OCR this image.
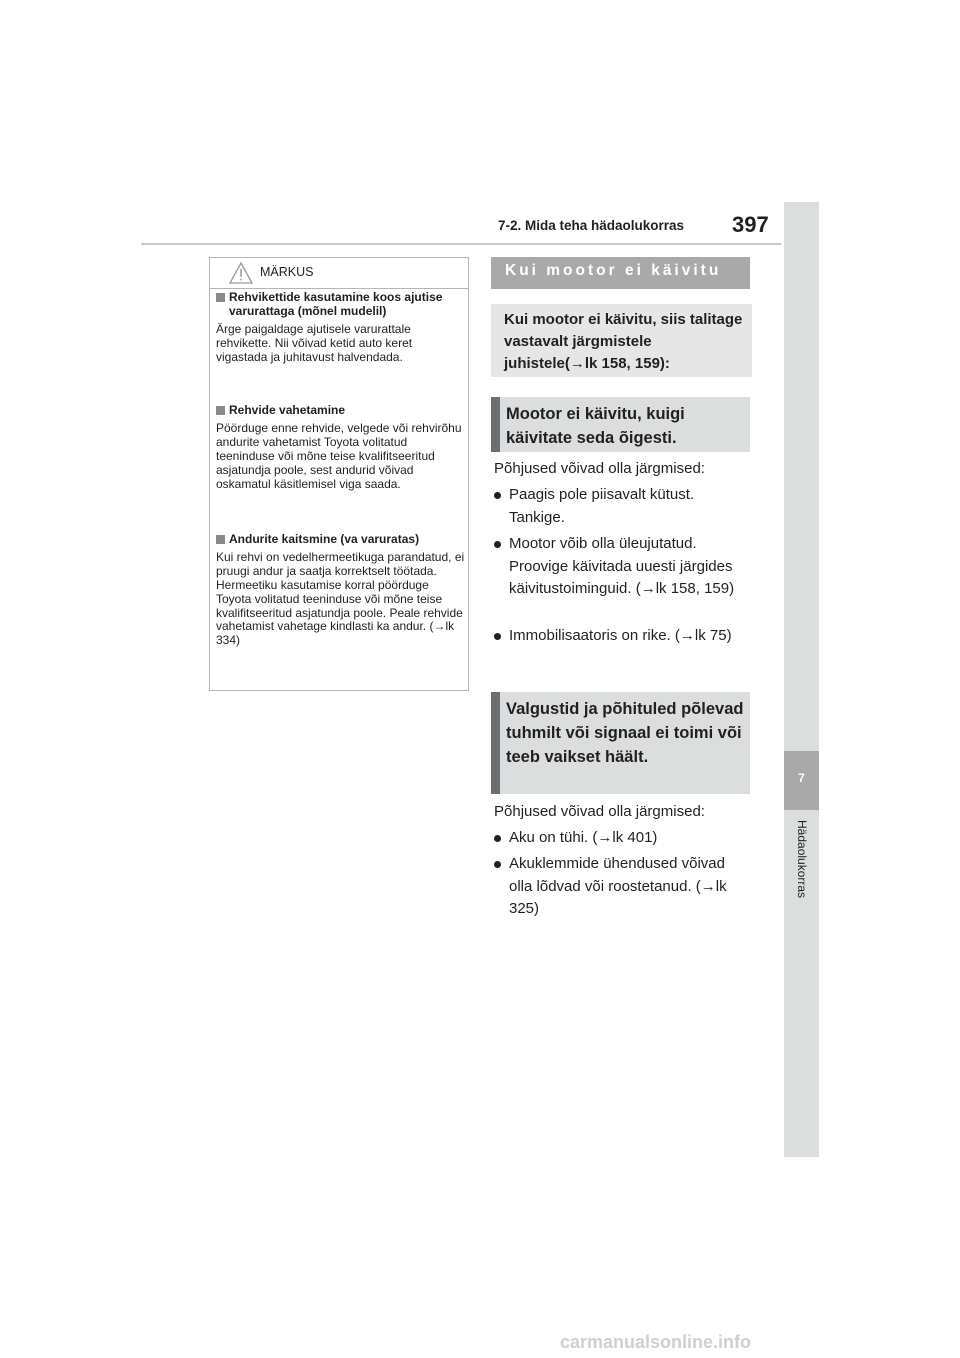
7-2. Mida teha hädaolukorras 397
7
Hädaolukorras
MÄRKUS
Rehvikettide kasutamine koos ajutise varurattaga (mõnel mudelil)
Ärge paigaldage ajutisele varurattale rehvikette. Nii võivad ketid auto keret vigastada ja juhitavust halvendada.
Rehvide vahetamine
Pöörduge enne rehvide, velgede või rehvirõhu andurite vahetamist Toyota volitatud teeninduse või mõne teise kvalifitseeritud asjatundja poole, sest andurid võivad oskamatul käsitlemisel viga saada.
Andurite kaitsmine (va varuratas)
Kui rehvi on vedelhermeetikuga parandatud, ei pruugi andur ja saatja korrektselt töötada. Hermeetiku kasutamise korral pöörduge Toyota volitatud teeninduse või mõne teise kvalifitseeritud asjatundja poole. Peale rehvide vahetamist vahetage kindlasti ka andur. (→lk 334)
Kui mootor ei käivitu
Kui mootor ei käivitu, siis talitage vastavalt järgmistele juhistele(→lk 158, 159):
Mootor ei käivitu, kuigi käivitate seda õigesti.
Põhjused võivad olla järgmised:
Paagis pole piisavalt kütust. Tankige.
Mootor võib olla üleujutatud. Proovige käivitada uuesti järgides käivitustoiminguid. (→lk 158, 159)
Immobilisaatoris on rike. (→lk 75)
Valgustid ja põhituled põlevad tuhmilt või signaal ei toimi või teeb vaikset häält.
Põhjused võivad olla järgmised:
Aku on tühi. (→lk 401)
Akuklemmide ühendused võivad olla lõdvad või roostetanud. (→lk 325)
carmanualsonline.info
